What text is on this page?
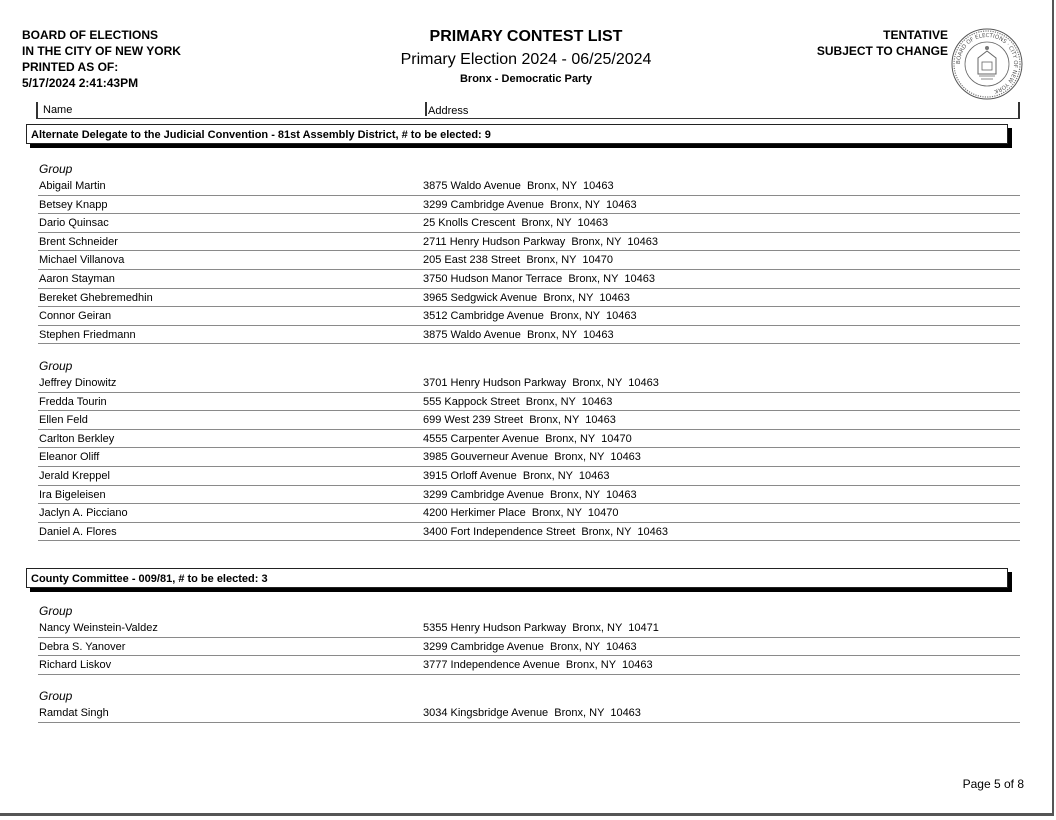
BOARD OF ELECTIONS
IN THE CITY OF NEW YORK
PRINTED AS OF:
5/17/2024 2:41:43PM
PRIMARY CONTEST LIST
Primary Election 2024 - 06/25/2024
Bronx - Democratic Party
TENTATIVE
SUBJECT TO CHANGE
BOARD OF ELECTIONS · CITY OF NEW YORK
Name	Address
Alternate Delegate to the Judicial Convention - 81st Assembly District, # to be elected: 9
Group
Abigail Martin	3875 Waldo Avenue  Bronx, NY  10463
Betsey Knapp	3299 Cambridge Avenue  Bronx, NY  10463
Dario Quinsac	25 Knolls Crescent  Bronx, NY  10463
Brent Schneider	2711 Henry Hudson Parkway  Bronx, NY  10463
Michael Villanova	205 East 238 Street  Bronx, NY  10470
Aaron Stayman	3750 Hudson Manor Terrace  Bronx, NY  10463
Bereket Ghebremedhin	3965 Sedgwick Avenue  Bronx, NY  10463
Connor Geiran	3512 Cambridge Avenue  Bronx, NY  10463
Stephen Friedmann	3875 Waldo Avenue  Bronx, NY  10463
Group
Jeffrey Dinowitz	3701 Henry Hudson Parkway  Bronx, NY  10463
Fredda Tourin	555 Kappock Street  Bronx, NY  10463
Ellen Feld	699 West 239 Street  Bronx, NY  10463
Carlton Berkley	4555 Carpenter Avenue  Bronx, NY  10470
Eleanor Oliff	3985 Gouverneur Avenue  Bronx, NY  10463
Jerald Kreppel	3915 Orloff Avenue  Bronx, NY  10463
Ira Bigeleisen	3299 Cambridge Avenue  Bronx, NY  10463
Jaclyn A. Picciano	4200 Herkimer Place  Bronx, NY  10470
Daniel A. Flores	3400 Fort Independence Street  Bronx, NY  10463
County Committee - 009/81, # to be elected: 3
Group
Nancy Weinstein-Valdez	5355 Henry Hudson Parkway  Bronx, NY  10471
Debra S. Yanover	3299 Cambridge Avenue  Bronx, NY  10463
Richard Liskov	3777 Independence Avenue  Bronx, NY  10463
Group
Ramdat Singh	3034 Kingsbridge Avenue  Bronx, NY  10463
Page 5 of 8
